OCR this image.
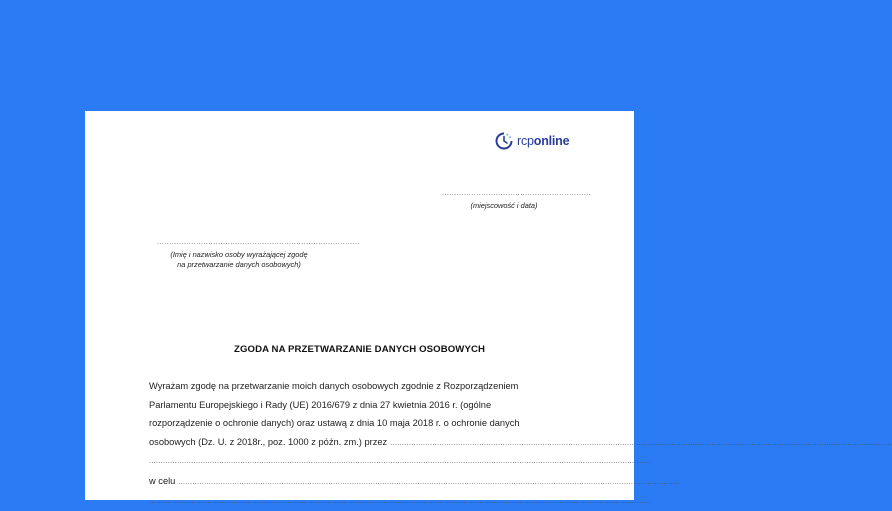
rcponline
.............................................................
(miejscowość i data)
...................................................................................
(Imię i nazwisko osoby wyrażającej zgodę
na przetwarzanie danych osobowych)
ZGODA NA PRZETWARZANIE DANYCH OSOBOWYCH
Wyrażam zgodę na przetwarzanie moich danych osobowych zgodnie z Rozporządzeniem
Parlamentu Europejskiego i Rady (UE) 2016/679 z dnia 27 kwietnia 2016 r. (ogólne
rozporządzenie o ochronie danych) oraz ustawą z dnia 10 maja 2018 r. o ochronie danych
osobowych (Dz. U. z 2018r., poz. 1000 z późn. zm.) przez
.....
.....
w celu
.....
.....
